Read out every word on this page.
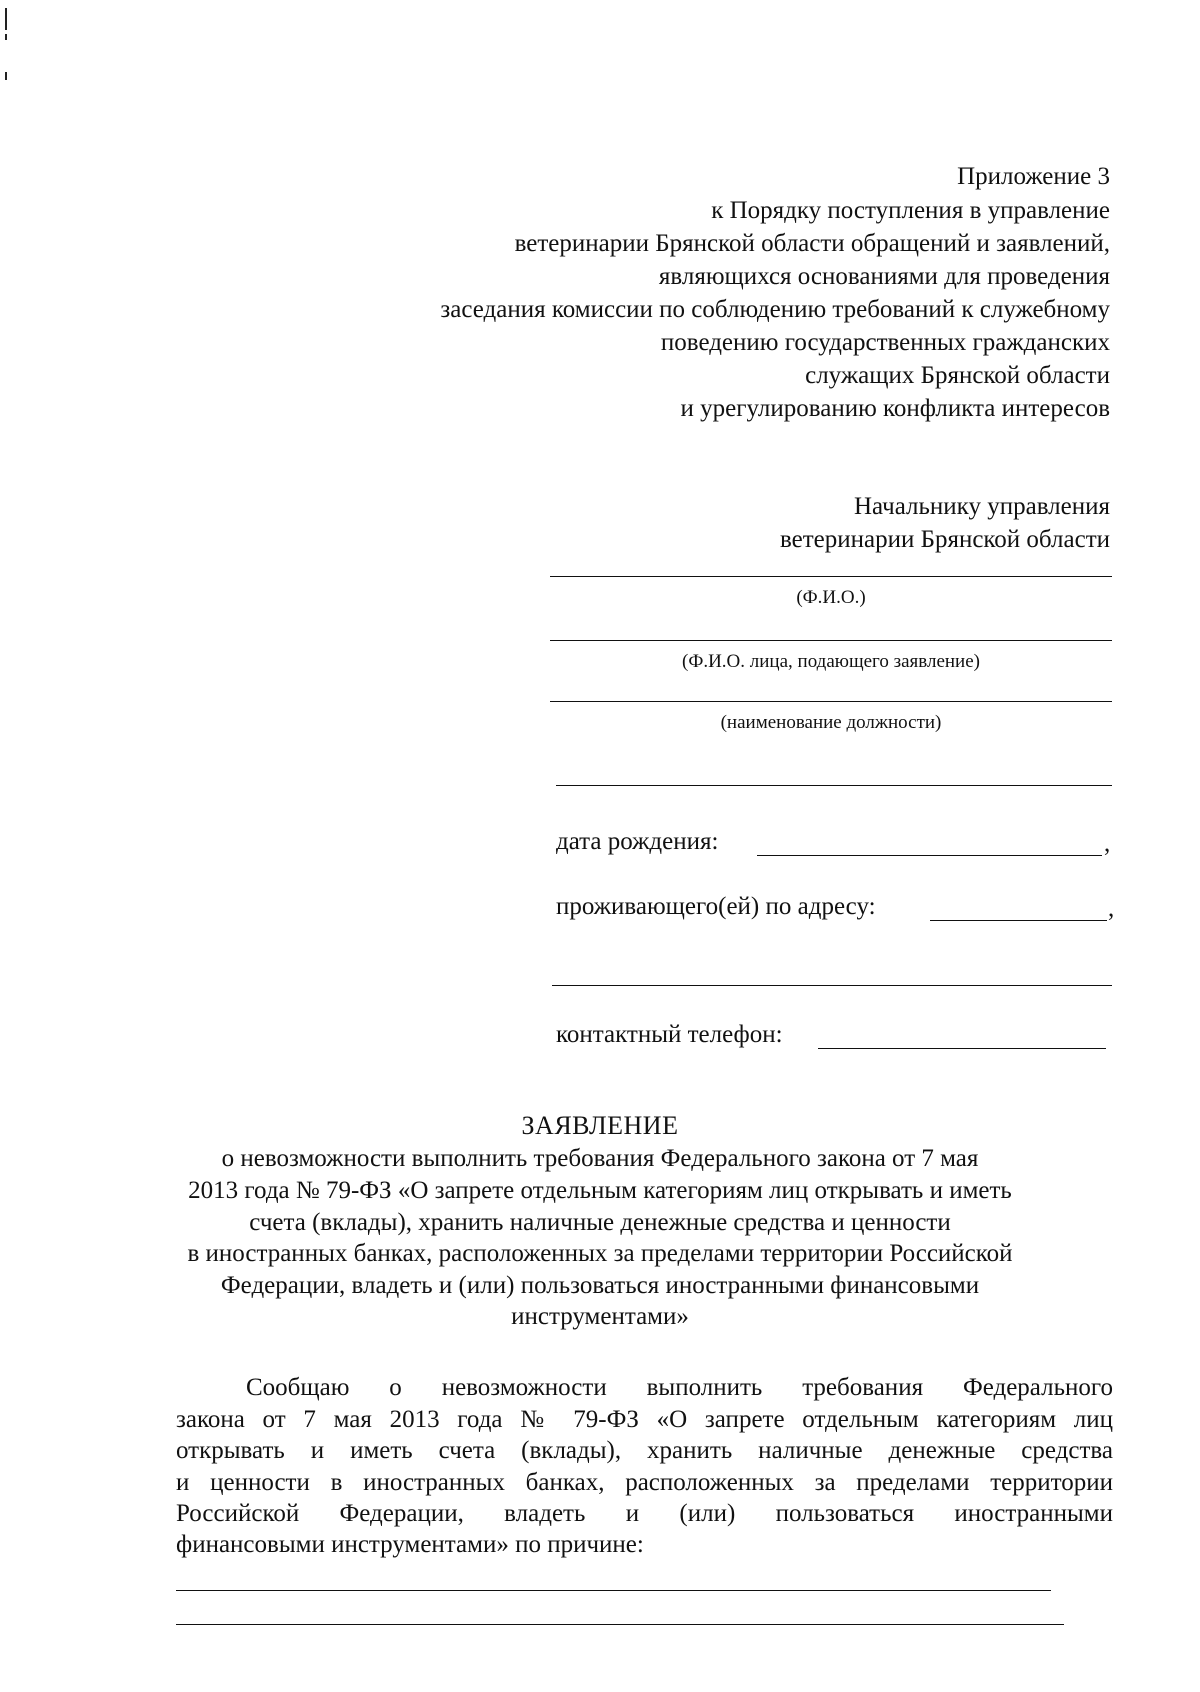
Приложение 3
к Порядку поступления в управление
ветеринарии Брянской области обращений и заявлений,
являющихся основаниями для проведения
заседания комиссии по соблюдению требований к служебному
поведению государственных гражданских
служащих Брянской области
и урегулированию конфликта интересов
Начальнику управления
ветеринарии Брянской области
(Ф.И.О.)
(Ф.И.О. лица, подающего заявление)
(наименование должности)
дата рождения:	,
проживающего(ей) по адресу:	,
контактный телефон:
ЗАЯВЛЕНИЕ
о невозможности выполнить требования Федерального закона от 7 мая
2013 года № 79-ФЗ «О запрете отдельным категориям лиц открывать и иметь
счета (вклады), хранить наличные денежные средства и ценности
в иностранных банках, расположенных за пределами территории Российской
Федерации, владеть и (или) пользоваться иностранными финансовыми
инструментами»
Сообщаю о невозможности выполнить требования Федерального
закона от 7 мая 2013 года № 79-ФЗ «О запрете отдельным категориям лиц
открывать и иметь счета (вклады), хранить наличные денежные средства
и ценности в иностранных банках, расположенных за пределами территории
Российской Федерации, владеть и (или) пользоваться иностранными
финансовыми инструментами» по причине:
